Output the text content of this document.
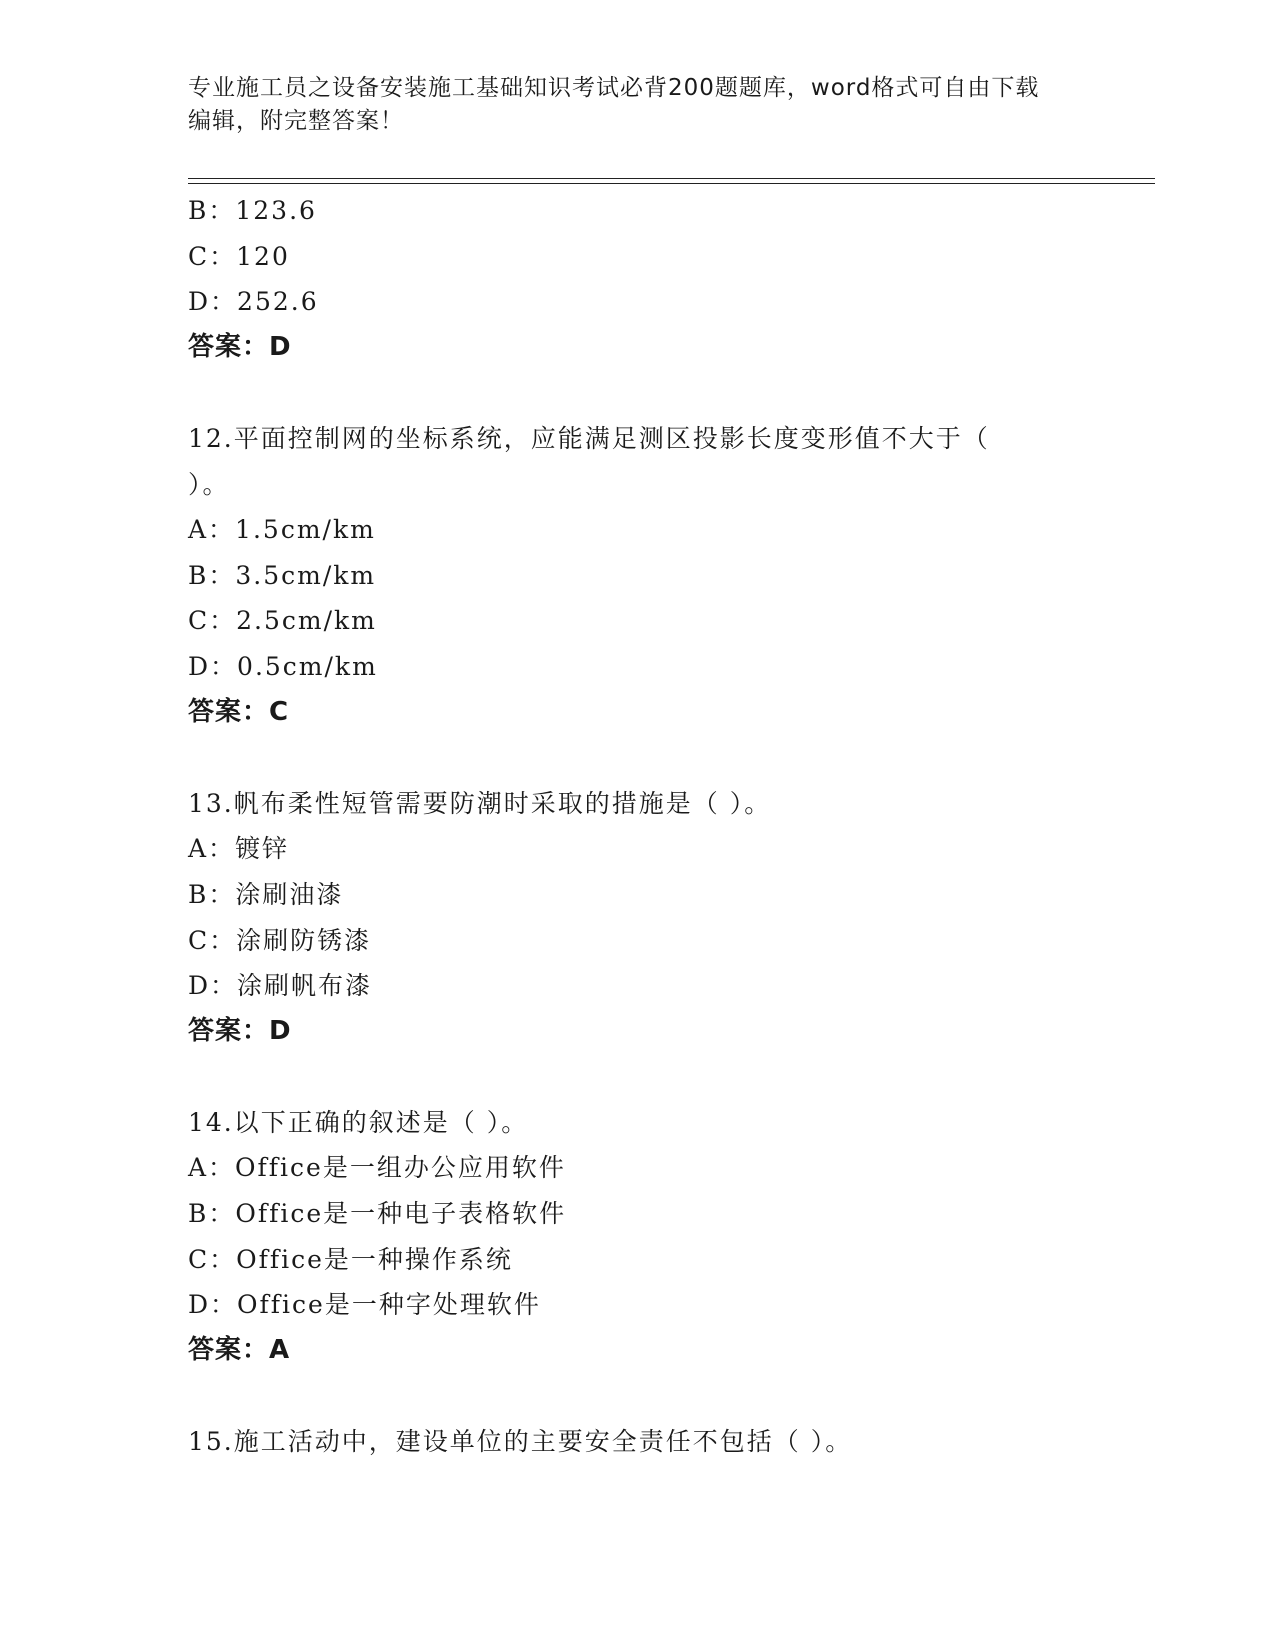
专业施工员之设备安装施工基础知识考试必背200题题库，word格式可自由下载
编辑，附完整答案！
B：123.6
C：120
D：252.6
答案：D
12.平面控制网的坐标系统，应能满足测区投影长度变形值不大于（
）。
A：1.5cm/km
B：3.5cm/km
C：2.5cm/km
D：0.5cm/km
答案：C
13.帆布柔性短管需要防潮时采取的措施是（ ）。
A：镀锌
B：涂刷油漆
C：涂刷防锈漆
D：涂刷帆布漆
答案：D
14.以下正确的叙述是（ ）。
A：Office是一组办公应用软件
B：Office是一种电子表格软件
C：Office是一种操作系统
D：Office是一种字处理软件
答案：A
15.施工活动中，建设单位的主要安全责任不包括（ ）。
